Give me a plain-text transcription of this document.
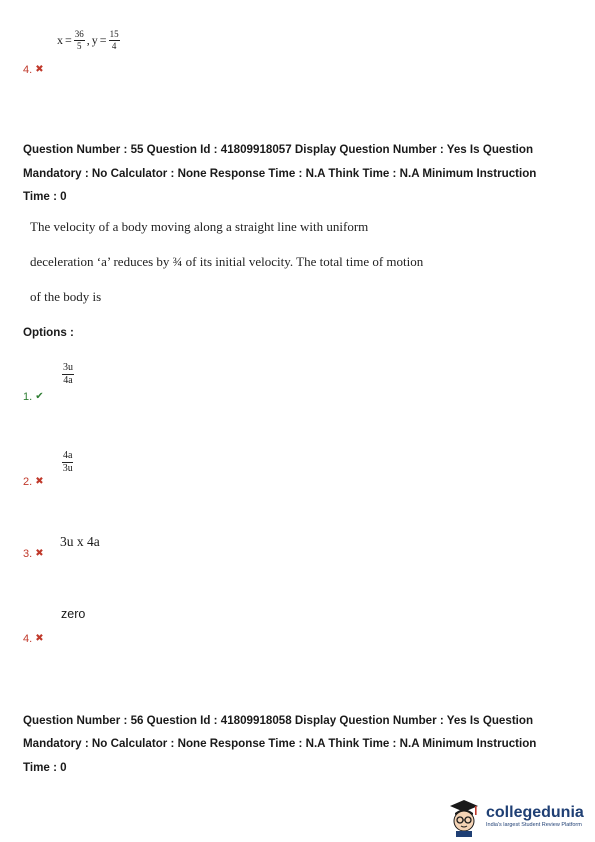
$x = \frac{36}{5}$ , $y = \frac{15}{4}$
4. ✖
Question Number : 55 Question Id : 41809918057 Display Question Number : Yes Is Question
Mandatory : No Calculator : None Response Time : N.A Think Time : N.A Minimum Instruction
Time : 0
The velocity of a body moving along a straight line with uniform
deceleration ‘a’ reduces by ¾ of its initial velocity. The total time of motion
of the body is
Options :
$\frac{3u}{4a}$
1. ✔
$\frac{4a}{3u}$
2. ✖
3u x 4a
3. ✖
zero
4. ✖
Question Number : 56 Question Id : 41809918058 Display Question Number : Yes Is Question
Mandatory : No Calculator : None Response Time : N.A Think Time : N.A Minimum Instruction
Time : 0
collegedunia
India's largest Student Review Platform
